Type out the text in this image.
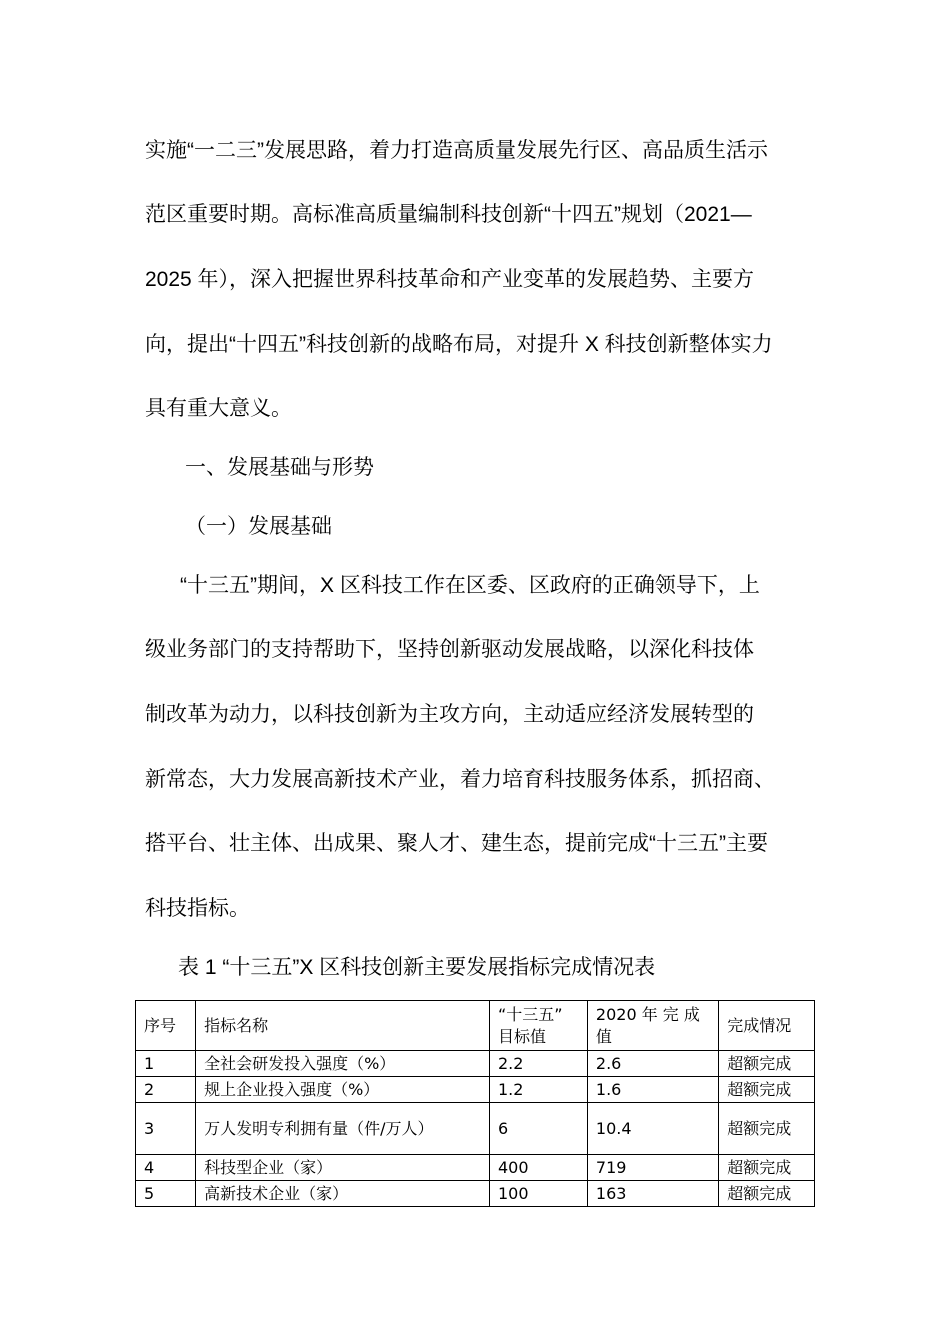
实施“一二三”发展思路，着力打造高质量发展先行区、高品质生活示
范区重要时期。高标准高质量编制科技创新“十四五”规划（2021—
2025 年），深入把握世界科技革命和产业变革的发展趋势、主要方
向，提出“十四五”科技创新的战略布局，对提升 X 科技创新整体实力
具有重大意义。
一、发展基础与形势
（一）发展基础
“十三五”期间，X 区科技工作在区委、区政府的正确领导下，上
级业务部门的支持帮助下，坚持创新驱动发展战略，以深化科技体
制改革为动力，以科技创新为主攻方向，主动适应经济发展转型的
新常态，大力发展高新技术产业，着力培育科技服务体系，抓招商、
搭平台、壮主体、出成果、聚人才、建生态，提前完成“十三五”主要
科技指标。
表 1 “十三五”X 区科技创新主要发展指标完成情况表
序号	指标名称	“十三五” 目标值	2020 年 完 成 值	完成情况
1	全社会研发投入强度（%）	2.2	2.6	超额完成
2	规上企业投入强度（%）	1.2	1.6	超额完成
3	万人发明专利拥有量（件/万人）	6	10.4	超额完成
4	科技型企业（家）	400	719	超额完成
5	高新技术企业（家）	100	163	超额完成
